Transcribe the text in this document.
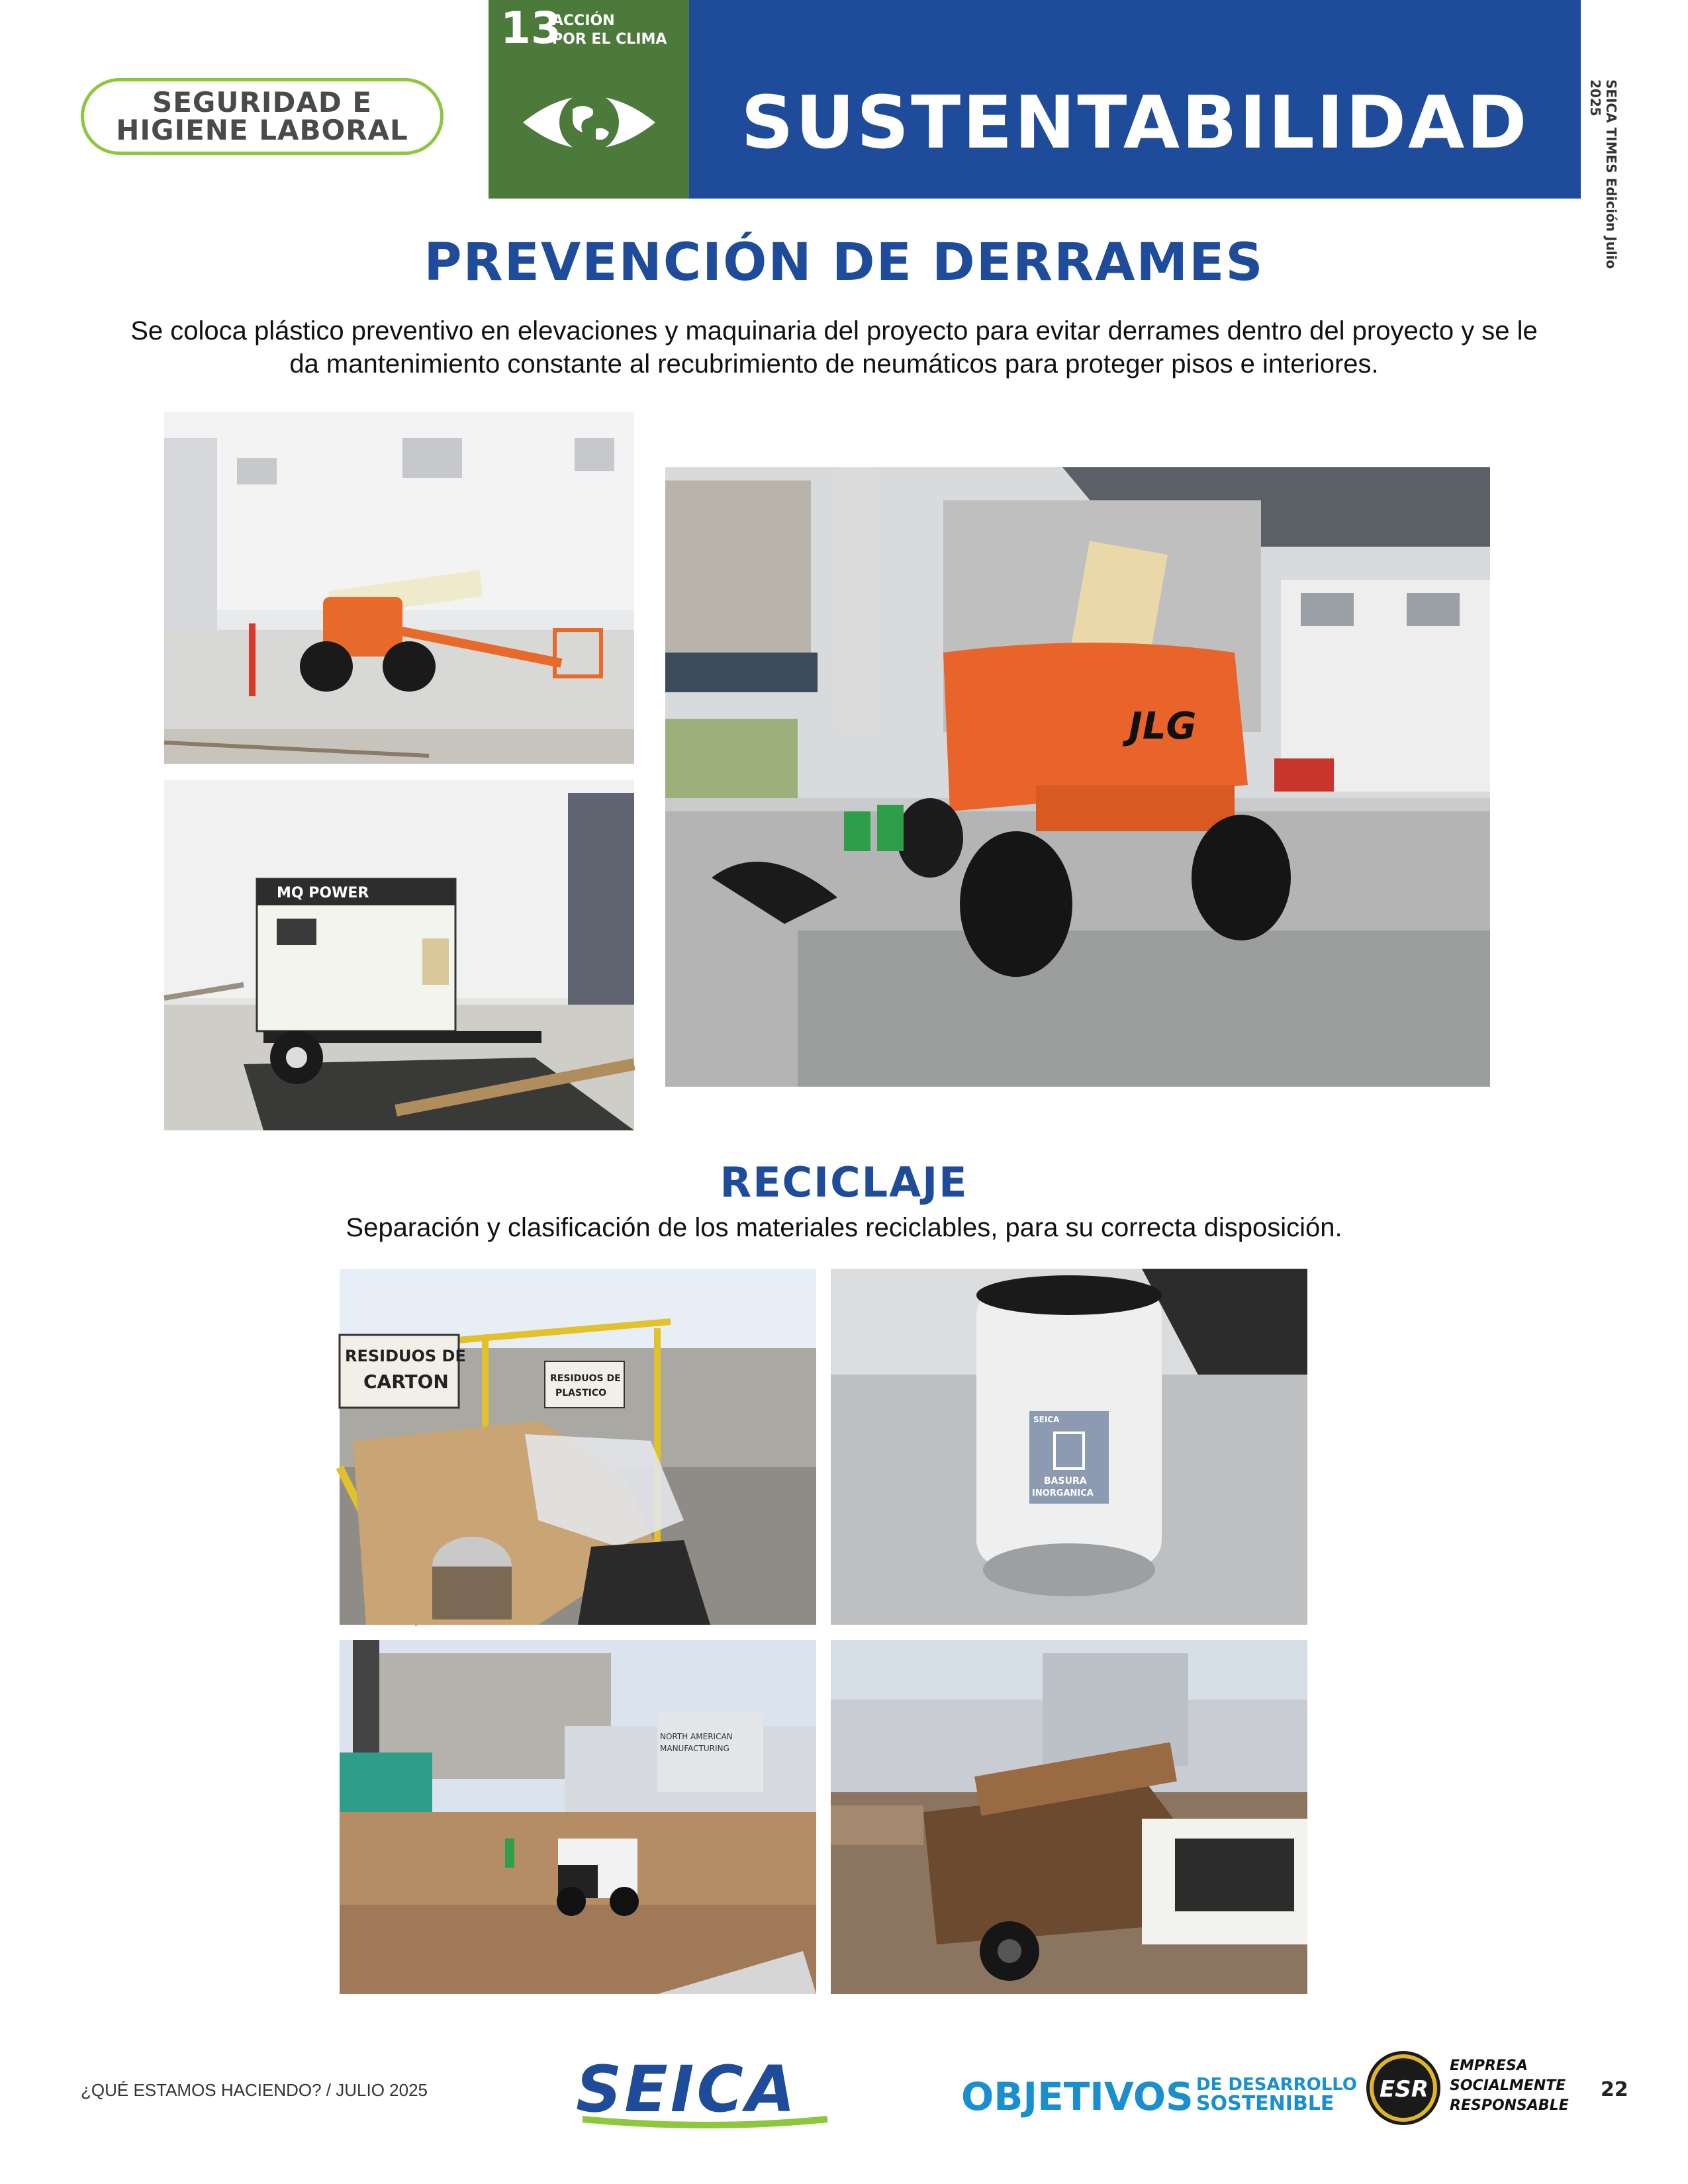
SEGURIDAD E
HIGIENE LABORAL
13
ACCIÓN
POR EL CLIMA
SUSTENTABILIDAD	SEICA TIMES Edición Julio 2025
PREVENCIÓN DE DERRAMES
Se coloca plástico preventivo en elevaciones y maquinaria del proyecto para evitar derrames dentro del proyecto y se le da mantenimiento constante al recubrimiento de neumáticos para proteger pisos e interiores.
MQ POWER
JLG
RECICLAJE
Separación y clasificación de los materiales reciclables, para su correcta disposición.
RESIDUOS DE
CARTON	RESIDUOS DE
PLASTICO
SEICA
BASURA
INORGANICA
NORTH AMERICAN
MANUFACTURING
¿QUÉ ESTAMOS HACIENDO? / JULIO 2025 SEICA	OBJETIVOS DE DESARROLLO
SOSTENIBLE
ESR
EMPRESA
SOCIALMENTE
RESPONSABLE
22
